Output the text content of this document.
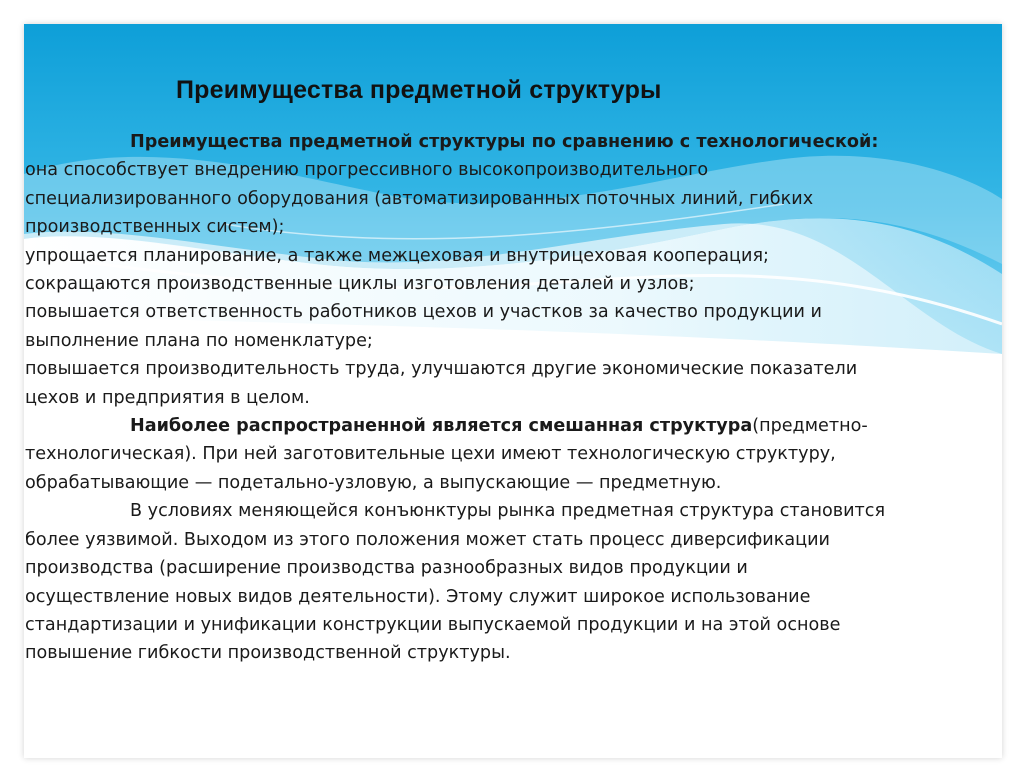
Преимущества предметной структуры
Преимущества предметной структуры по сравнению с технологической:
она способствует внедрению прогрессивного высокопроизводительного
специализированного оборудования (автоматизированных поточных линий, гибких
производственных систем);
упрощается планирование, а также межцеховая и внутрицеховая кооперация;
сокращаются производственные циклы изготовления деталей и узлов;
повышается ответственность работников цехов и участков за качество продукции и
выполнение плана по номенклатуре;
повышается производительность труда, улучшаются другие экономические показатели
цехов и предприятия в целом.
Наиболее распространенной является смешанная структура(предметно-
технологическая). При ней заготовительные цехи имеют технологическую структуру,
обрабатывающие — подетально-узловую, а выпускающие — предметную.
В условиях меняющейся конъюнктуры рынка предметная структура становится
более уязвимой. Выходом из этого положения может стать процесс диверсификации
производства (расширение производства разнообразных видов продукции и
осуществление новых видов деятельности). Этому служит широкое использование
стандартизации и унификации конструкции выпускаемой продукции и на этой основе
повышение гибкости производственной структуры.
